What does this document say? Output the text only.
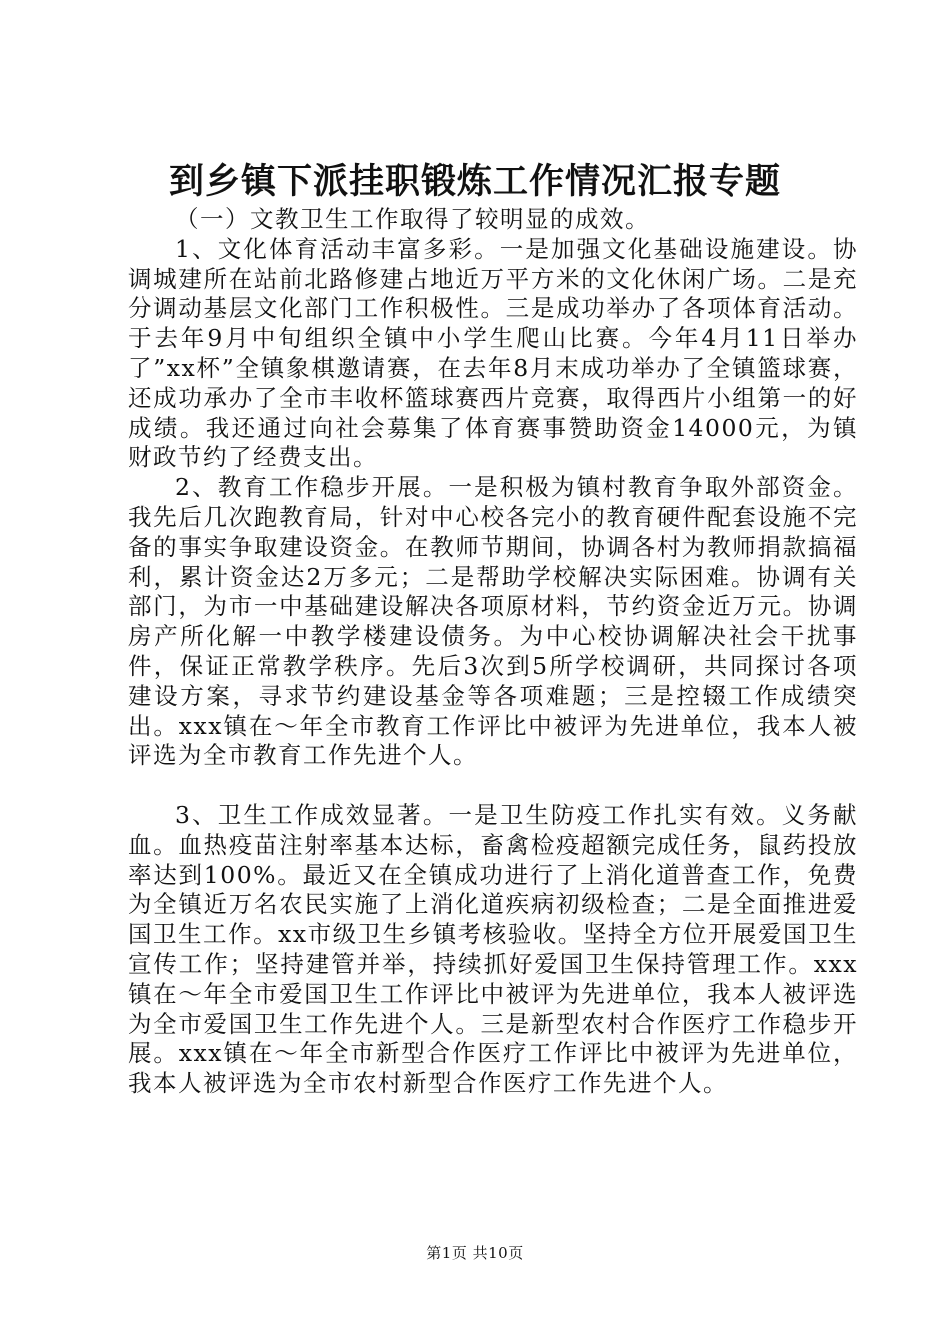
到乡镇下派挂职锻炼工作情况汇报专题

（一）文教卫生工作取得了较明显的成效。

1、文化体育活动丰富多彩。一是加强文化基础设施建设。协调城建所在站前北路修建占地近万平方米的文化休闲广场。二是充分调动基层文化部门工作积极性。三是成功举办了各项体育活动。于去年9月中旬组织全镇中小学生爬山比赛。今年4月11日举办了”xx杯”全镇象棋邀请赛，在去年8月末成功举办了全镇篮球赛，还成功承办了全市丰收杯篮球赛西片竞赛，取得西片小组第一的好成绩。我还通过向社会募集了体育赛事赞助资金14000元，为镇财政节约了经费支出。

2、教育工作稳步开展。一是积极为镇村教育争取外部资金。我先后几次跑教育局，针对中心校各完小的教育硬件配套设施不完备的事实争取建设资金。在教师节期间，协调各村为教师捐款搞福利，累计资金达2万多元；二是帮助学校解决实际困难。协调有关部门，为市一中基础建设解决各项原材料，节约资金近万元。协调房产所化解一中教学楼建设债务。为中心校协调解决社会干扰事件，保证正常教学秩序。先后3次到5所学校调研，共同探讨各项建设方案，寻求节约建设基金等各项难题；三是控辍工作成绩突出。xxx镇在～年全市教育工作评比中被评为先进单位，我本人被评选为全市教育工作先进个人。

3、卫生工作成效显著。一是卫生防疫工作扎实有效。义务献血。血热疫苗注射率基本达标，畜禽检疫超额完成任务，鼠药投放率达到100%。最近又在全镇成功进行了上消化道普查工作，免费为全镇近万名农民实施了上消化道疾病初级检查；二是全面推进爱国卫生工作。xx市级卫生乡镇考核验收。坚持全方位开展爱国卫生宣传工作；坚持建管并举，持续抓好爱国卫生保持管理工作。xxx镇在～年全市爱国卫生工作评比中被评为先进单位，我本人被评选为全市爱国卫生工作先进个人。三是新型农村合作医疗工作稳步开展。xxx镇在～年全市新型合作医疗工作评比中被评为先进单位，我本人被评选为全市农村新型合作医疗工作先进个人。

第1页 共10页
